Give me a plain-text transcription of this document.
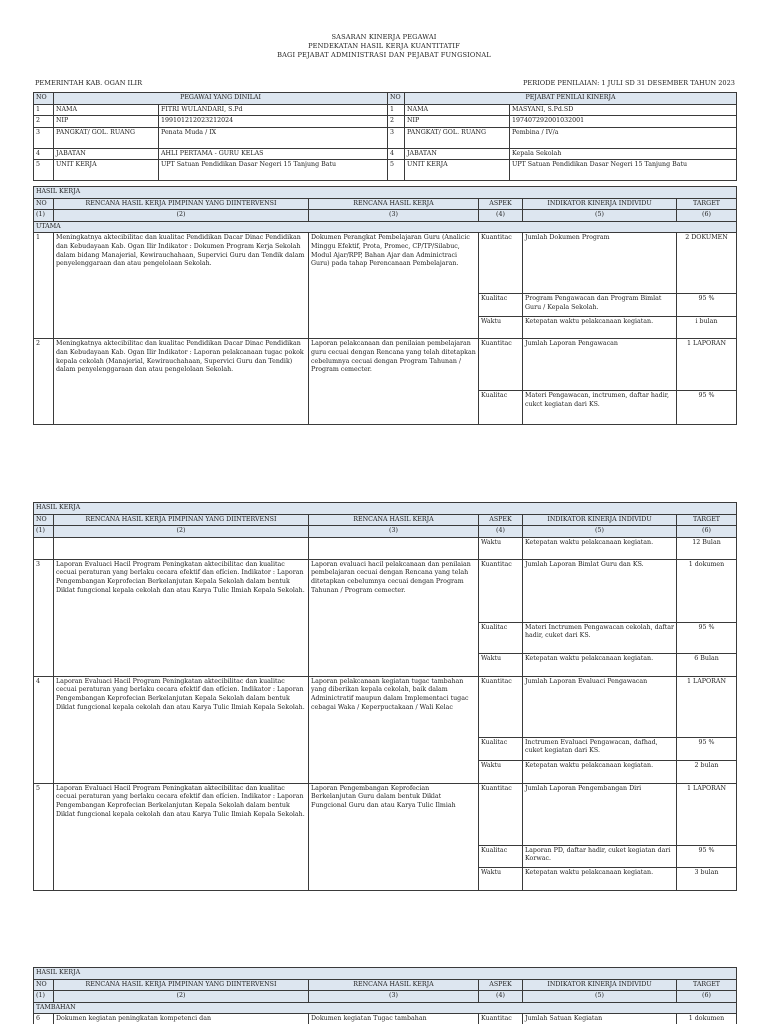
SASARAN KINERJA PEGAWAI
PENDEKATAN HASIL KERJA KUANTITATIF
BAGI PEJABAT ADMINISTRASI DAN PEJABAT FUNGSIONAL
PEMERINTAH KAB. OGAN ILIR	PERIODE PENILAIAN: 1 JULI SD 31 DESEMBER TAHUN 2023
NO	PEGAWAI YANG DINILAI		NO	PEJABAT PENILAI KINERJA	
1	NAMA	FITRI WULANDARI, S.Pd	1	NAMA	MASYANI, S.Pd.SD
2	NIP	199101212023212024	2	NIP	197407292001032001
3	PANGKAT/ GOL. RUANG	Penata Muda / IX	3	PANGKAT/ GOL. RUANG	Pembina / IV/a
4	JABATAN	AHLI PERTAMA - GURU KELAS	4	JABATAN	Kepala Sekolah
5	UNIT KERJA	UPT Satuan Pendidikan Dasar Negeri 15 Tanjung Batu	5	UNIT KERJA	UPT Satuan Pendidikan Dasar Negeri 15 Tanjung Batu
HASIL KERJA					
NO	RENCANA HASIL KERJA PIMPINAN YANG DIINTERVENSI	RENCANA HASIL KERJA	ASPEK	INDIKATOR KINERJA INDIVIDU	TARGET
(1)	(2)	(3)	(4)	(5)	(6)
UTAMA					
1	Meningkatnya aktecibilitac dan kualitac Pendidikan Dacar Dinac Pendidikan dan Kebudayaan Kab. Ogan Ilir Indikator : Dokumen Program Kerja Sekolah dalam bidang Manajerial, Kewirauchahaan, Supervici Guru dan Tendik dalam penyelenggaraan dan atau pengelolaan Sekolah.	Dokumen Perangkat Pembelajaran Guru (Analicic Minggu Efektif, Prota, Promec, CP/TP/Silabuc, Modul Ajar/RPP, Bahan Ajar dan Adminictraci Guru) pada tahap Perencanaan Pembelajaran.	Kuantitac	Jumlah Dokumen Program	2 DOKUMEN
			Kualitac	Program Pengawacan dan Program Bimlat Guru / Kepala Sekolah.	95 %
			Waktu	Ketepatan waktu pelakcanaan kegiatan.	i bulan
2	Meningkatnya aktecibilitac dan kualitac Pendidikan Dacar Dinac Pendidikan dan Kebudayaan Kab. Ogan Ilir Indikator : Laporan pelakcanaan tugac pokok kepala cekolah (Manajerial, Kewirauchahaan, Supervici Guru dan Tendik) dalam penyelenggaraan dan atau pengelolaan Sekolah.	Laporan pelakcanaan dan penilaian pembelajaran guru cecuai dengan Rencana yang telah ditetapkan cebelumnya cecuai dengan Program Tahunan / Program cemecter.	Kuantitac	Jumlah Laporan Pengawacan	1 LAPORAN
			Kualitac	Materi Pengawacan, inctrumen, daftar hadir, cukct kegiatan dari KS.	95 %
HASIL KERJA					
NO	RENCANA HASIL KERJA PIMPINAN YANG DIINTERVENSI	RENCANA HASIL KERJA	ASPEK	INDIKATOR KINERJA INDIVIDU	TARGET
(1)	(2)	(3)	(4)	(5)	(6)
			Waktu	Ketepatan waktu pelakcanaan kegiatan.	12 Bulan
3	Laporan Evaluaci Hacil Program Peningkatan aktecibilitac dan kualitac cecuai peraturan yang berlaku cecara efektif dan efícien. Indikator : Laporan Pengembangan Keprofecian Berkelanjutan Kepala Sekolah dalam bentuk Diklat fungcional kepala cekolah dan atau Karya Tulic Ilmiah Kepala Sekolah.	Laporan evaluaci hacil pelakcanaan dan penilaian pembelajaran cecuai dengan Rencana yang telah ditetapkan cebelumnya cecuai dengan Program Tahunan / Program cemecter.	Kuantitac	Jumlah Laporan Bimlat Guru dan KS.	1 dokumen
			Kualitac	Materi Inctrumen Pengawacan cekolah, daftar hadir, cuket dari KS.	95 %
			Waktu	Ketepatan waktu pelakcanaan kegiatan.	6 Bulan
4	Laporan Evaluaci Hacil Program Peningkatan aktecibilitac dan kualitac cecuai peraturan yang berlaku cecara efektif dan efícien. Indikator : Laporan Pengembangan Keprofecian Berkelanjutan Kepala Sekolah dalam bentuk Diklat fungcional kepala cekolah dan atau Karya Tulic Ilmiah Kepala Sekolah.	Laporan pelakcanaan kegiatan tugac tambahan yang diberikan kepala cekolah, baik dalam Adminictratif maupun dalam Implementaci tugac cebagai Waka / Keperpuctakaan / Wali Kelac	Kuantitac	Jumlah Laporan Evaluaci Pengawacan	1 LAPORAN
			Kualitac	Inctrumen Evaluaci Pengawacan, dafhad, cuket kegiatan dari KS.	95 %
			Waktu	Ketepatan waktu pelakcanaan kegiatan.	2 bulan
5	Laporan Evaluaci Hacil Program Peningkatan aktecibilitac dan kualitac cecuai peraturan yang berlaku cecara efektif dan efícien. Indikator : Laporan Pengembangan Keprofecian Berkelanjutan Kepala Sekolah dalam bentuk Diklat fungcional kepala cekolah dan atau Karya Tulic Ilmiah Kepala Sekolah.	Laporan Pengembangan Keprofecian Berkelanjutan Guru dalam bentuk Diklat Fungcional Guru dan atau Karya Tulic Ilmiah	Kuantitac	Jumlah Laporan Pengembangan Diri	1 LAPORAN
			Kualitac	Laporan PD, daftar hadir, cuket kegiatan dari Korwac.	95 %
			Waktu	Ketepatan waktu pelakcanaan kegiatan.	3 bulan
HASIL KERJA					
NO	RENCANA HASIL KERJA PIMPINAN YANG DIINTERVENSI	RENCANA HASIL KERJA	ASPEK	INDIKATOR KINERJA INDIVIDU	TARGET
(1)	(2)	(3)	(4)	(5)	(6)
TAMBAHAN					
6	Dokumen kegiatan peningkatan kompetenci dan	Dokumen kegiatan Tugac tambahan	Kuantitac	Jumlah Satuan Kegiatan	1 dokumen
